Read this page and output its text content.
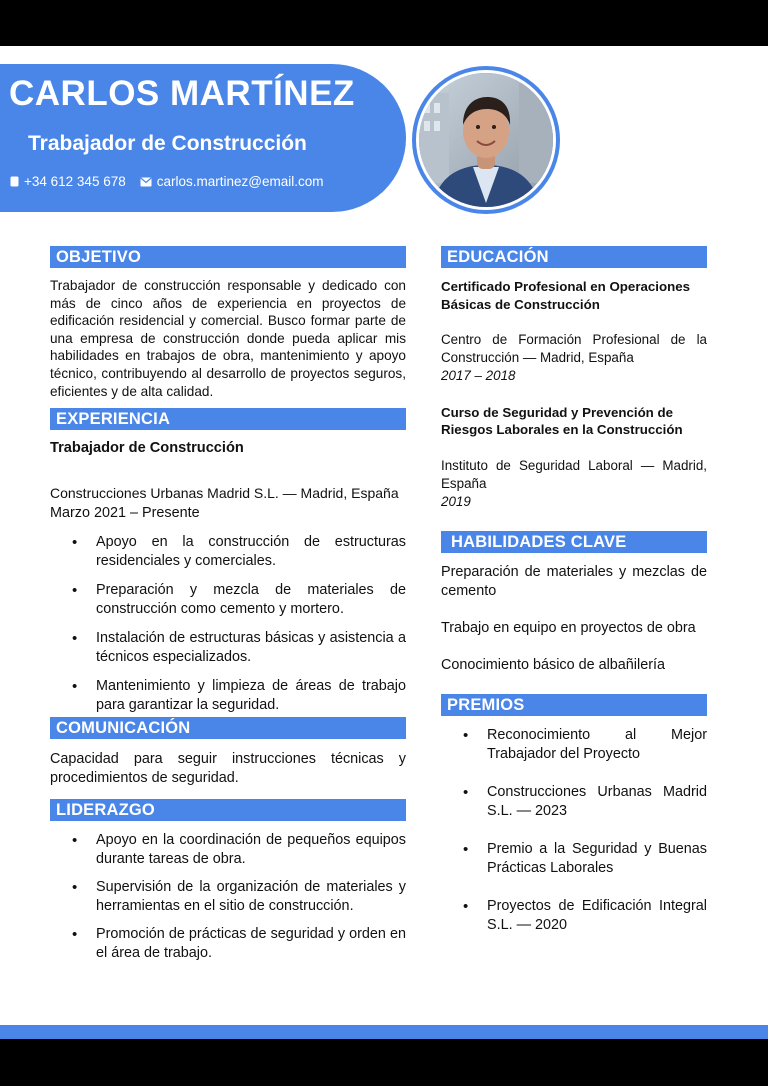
CARLOS MARTÍNEZ
Trabajador de Construcción
+34 612 345 678 carlos.martinez@email.com
OBJETIVO

Trabajador de construcción responsable y dedicado con más de cinco años de experiencia en proyectos de edificación residencial y comercial. Busco formar parte de una empresa de construcción donde pueda aplicar mis habilidades en trabajos de obra, mantenimiento y apoyo técnico, contribuyendo al desarrollo de proyectos seguros, eficientes y de alta calidad.

EXPERIENCIA
Trabajador de Construcción
Construcciones Urbanas Madrid S.L. — Madrid, España
Marzo 2021 – Presente
• Apoyo en la construcción de estructuras residenciales y comerciales.
• Preparación y mezcla de materiales de construcción como cemento y mortero.
• Instalación de estructuras básicas y asistencia a técnicos especializados.
• Mantenimiento y limpieza de áreas de trabajo para garantizar la seguridad.
COMUNICACIÓN

Capacidad para seguir instrucciones técnicas y procedimientos de seguridad.

LIDERAZGO
• Apoyo en la coordinación de pequeños equipos durante tareas de obra.
• Supervisión de la organización de materiales y herramientas en el sitio de construcción.
• Promoción de prácticas de seguridad y orden en el área de trabajo.
EDUCACIÓN
Certificado Profesional en Operaciones Básicas de Construcción
Centro de Formación Profesional de la Construcción — Madrid, España
2017 – 2018
Curso de Seguridad y Prevención de Riesgos Laborales en la Construcción
Instituto de Seguridad Laboral — Madrid, España
2019
HABILIDADES CLAVE
Preparación de materiales y mezclas de cemento
Trabajo en equipo en proyectos de obra
Conocimiento básico de albañilería
PREMIOS
• Reconocimiento al Mejor Trabajador del Proyecto
• Construcciones Urbanas Madrid S.L. — 2023
• Premio a la Seguridad y Buenas Prácticas Laborales
• Proyectos de Edificación Integral S.L. — 2020
